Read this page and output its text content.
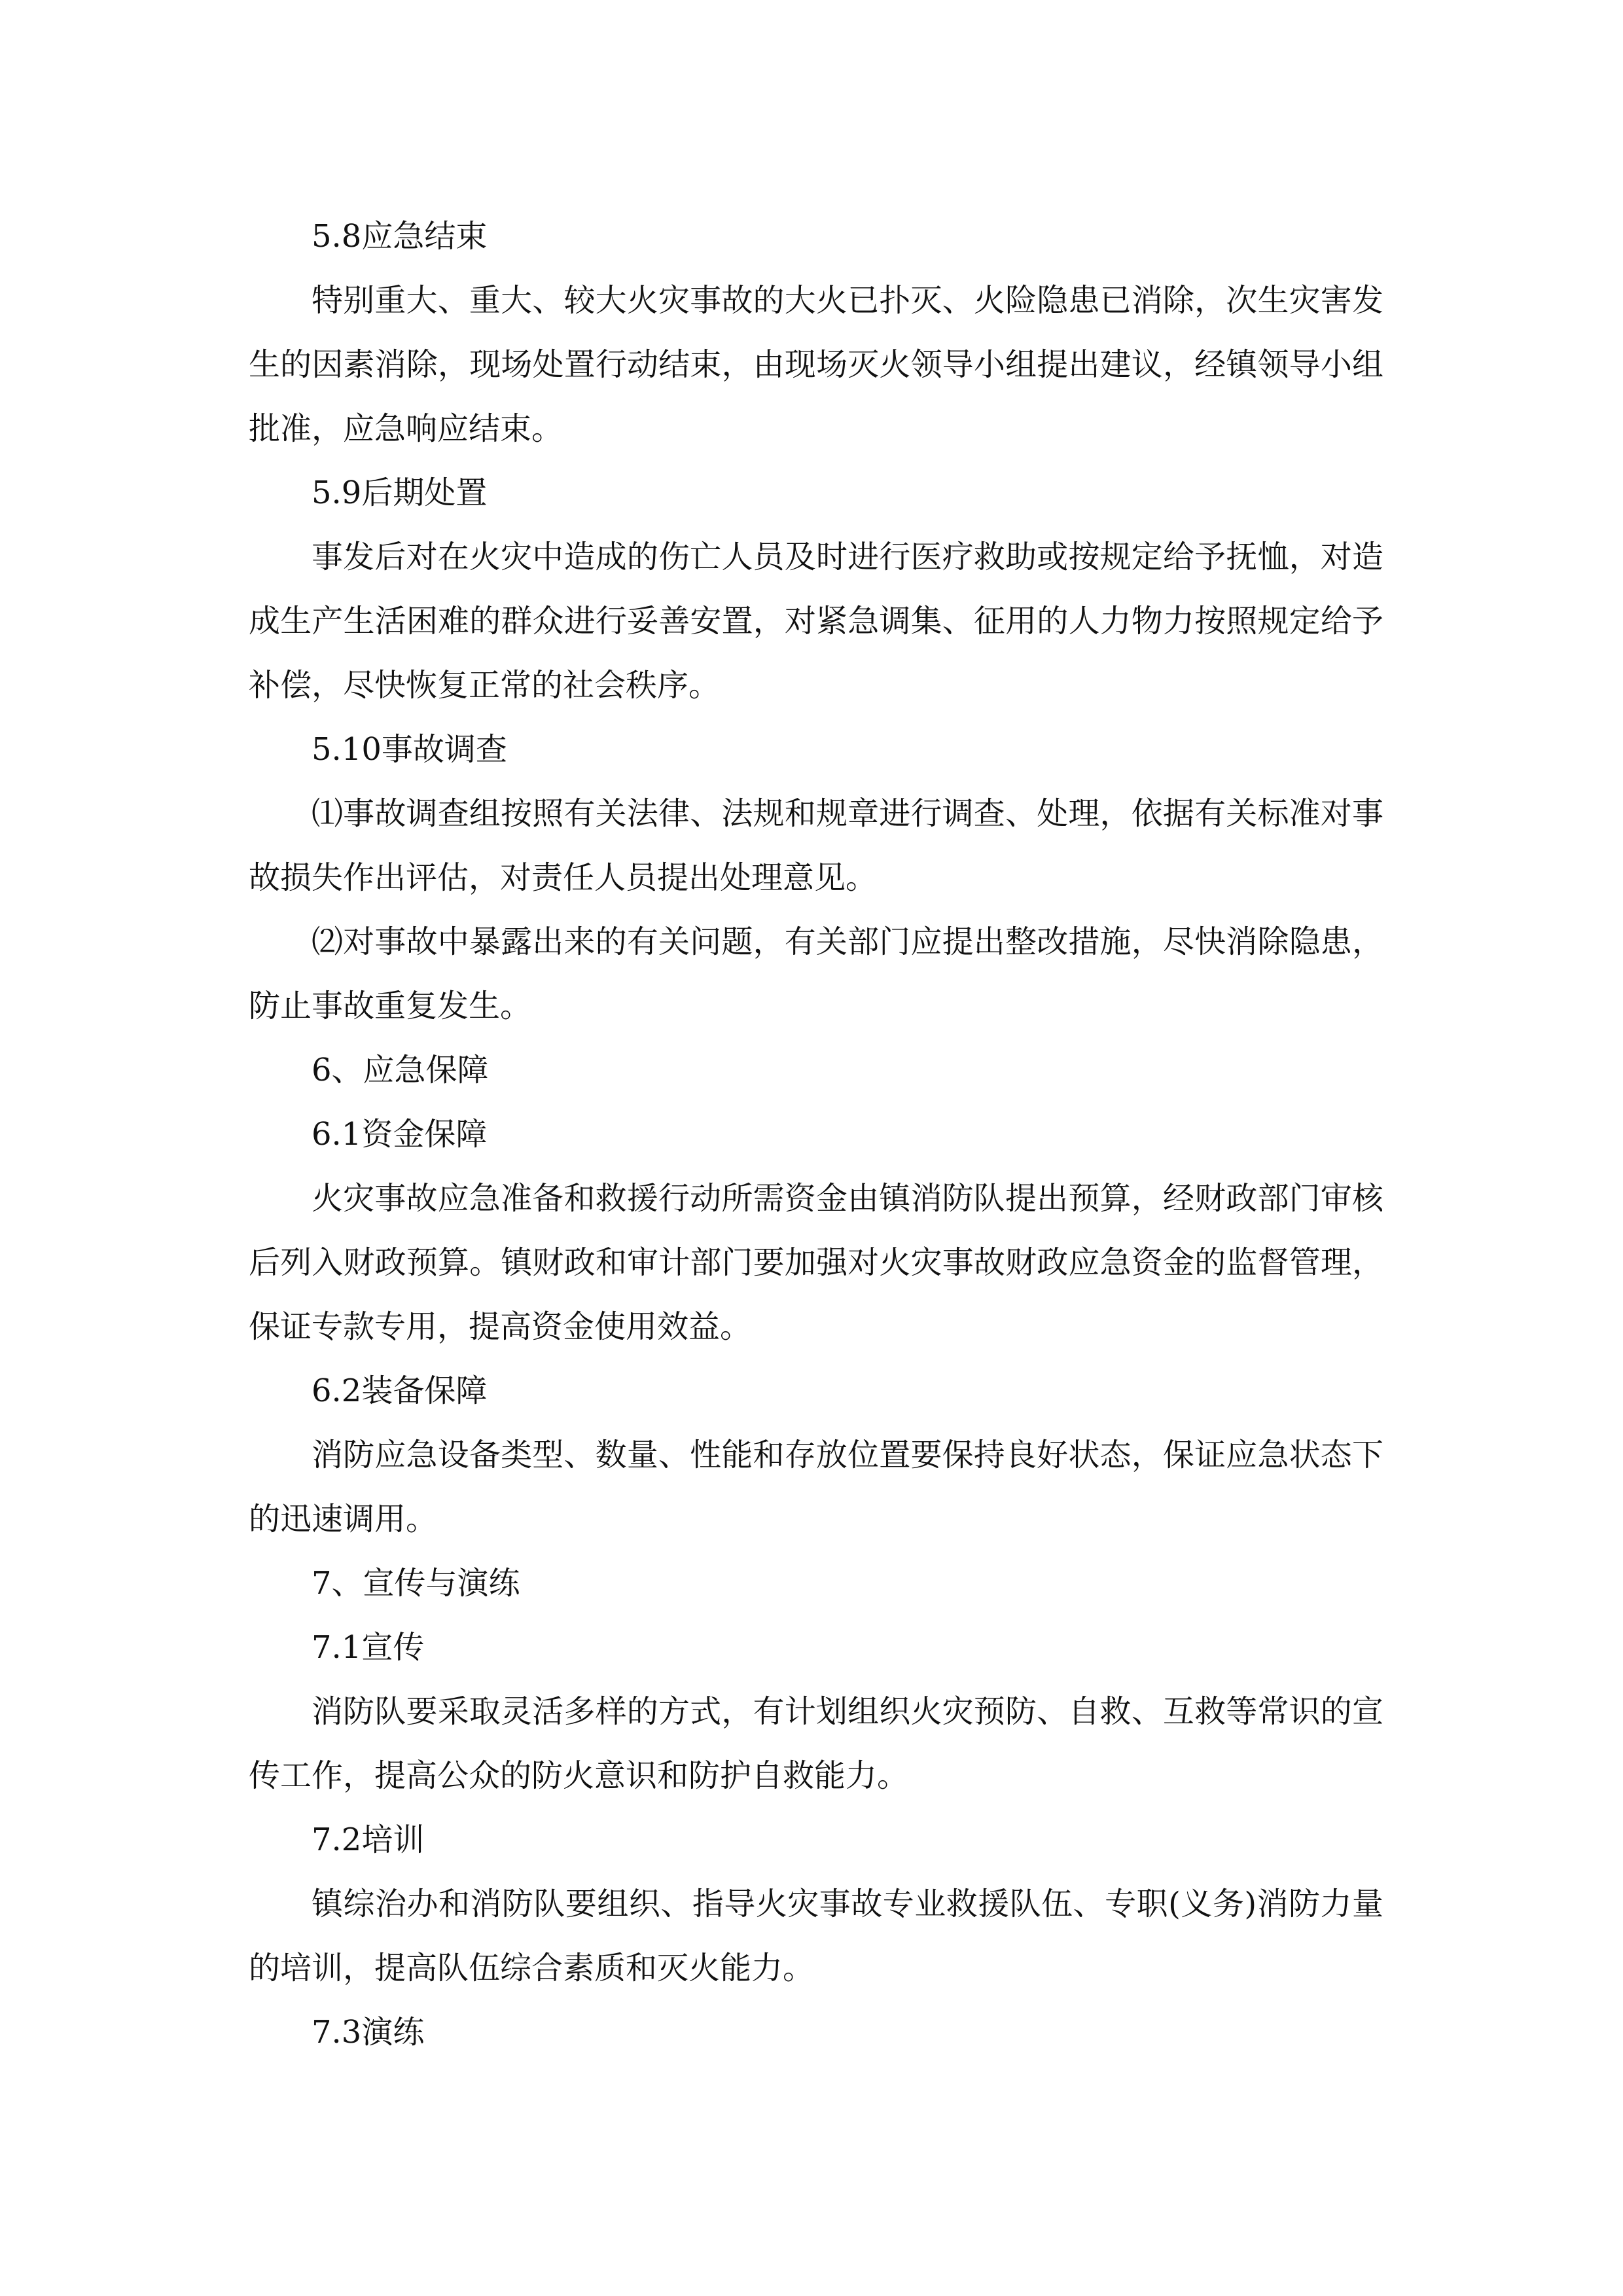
5.8应急结束

特别重大、重大、较大火灾事故的大火已扑灭、火险隐患已消除，次生灾害发生的因素消除，现场处置行动结束，由现场灭火领导小组提出建议，经镇领导小组批准，应急响应结束。

5.9后期处置

事发后对在火灾中造成的伤亡人员及时进行医疗救助或按规定给予抚恤，对造成生产生活困难的群众进行妥善安置，对紧急调集、征用的人力物力按照规定给予补偿，尽快恢复正常的社会秩序。

5.10事故调查

⑴事故调查组按照有关法律、法规和规章进行调查、处理，依据有关标准对事故损失作出评估，对责任人员提出处理意见。

⑵对事故中暴露出来的有关问题，有关部门应提出整改措施，尽快消除隐患，防止事故重复发生。

6、应急保障

6.1资金保障

火灾事故应急准备和救援行动所需资金由镇消防队提出预算，经财政部门审核后列入财政预算。镇财政和审计部门要加强对火灾事故财政应急资金的监督管理，保证专款专用，提高资金使用效益。

6.2装备保障

消防应急设备类型、数量、性能和存放位置要保持良好状态，保证应急状态下的迅速调用。

7、宣传与演练

7.1宣传

消防队要采取灵活多样的方式，有计划组织火灾预防、自救、互救等常识的宣传工作，提高公众的防火意识和防护自救能力。

7.2培训

镇综治办和消防队要组织、指导火灾事故专业救援队伍、专职(义务)消防力量的培训，提高队伍综合素质和灭火能力。

7.3演练
